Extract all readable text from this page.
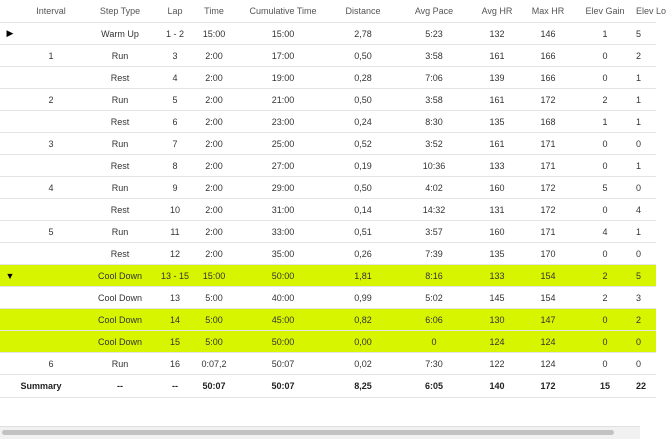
	Interval	Step Type	Lap	Time	Cumulative Time	Distance	Avg Pace	Avg HR	Max HR	Elev Gain	Elev Lo
▶		Warm Up	1 - 2	15:00	15:00	2,78	5:23	132	146	1	5
	1	Run	3	2:00	17:00	0,50	3:58	161	166	0	2
		Rest	4	2:00	19:00	0,28	7:06	139	166	0	1
	2	Run	5	2:00	21:00	0,50	3:58	161	172	2	1
		Rest	6	2:00	23:00	0,24	8:30	135	168	1	1
	3	Run	7	2:00	25:00	0,52	3:52	161	171	0	0
		Rest	8	2:00	27:00	0,19	10:36	133	171	0	1
	4	Run	9	2:00	29:00	0,50	4:02	160	172	5	0
		Rest	10	2:00	31:00	0,14	14:32	131	172	0	4
	5	Run	11	2:00	33:00	0,51	3:57	160	171	4	1
		Rest	12	2:00	35:00	0,26	7:39	135	170	0	0
▼		Cool Down	13 - 15	15:00	50:00	1,81	8:16	133	154	2	5
		Cool Down	13	5:00	40:00	0,99	5:02	145	154	2	3
		Cool Down	14	5:00	45:00	0,82	6:06	130	147	0	2
		Cool Down	15	5:00	50:00	0,00	0	124	124	0	0
	6	Run	16	0:07,2	50:07	0,02	7:30	122	124	0	0
Summary		--	--	50:07	50:07	8,25	6:05	140	172	15	22
